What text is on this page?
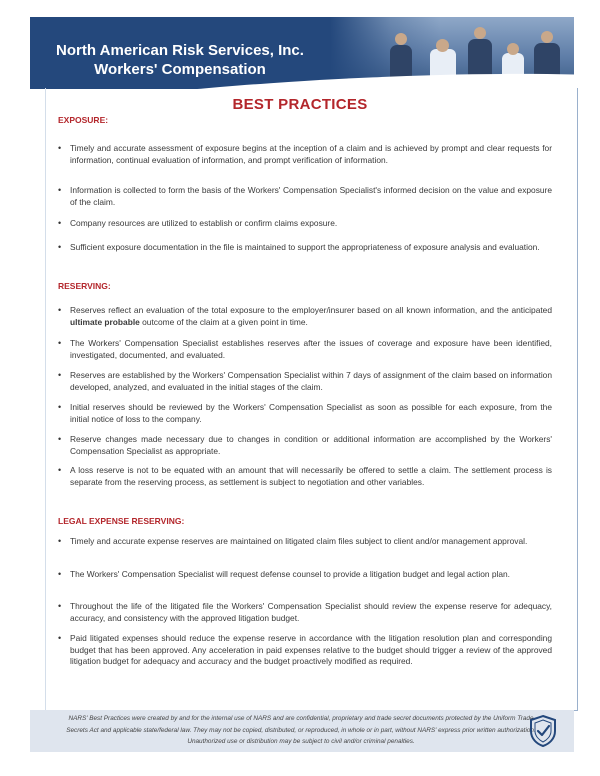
North American Risk Services, Inc.
Workers' Compensation
BEST PRACTICES
EXPOSURE:
•	Timely and accurate assessment of exposure begins at the inception of a claim and is achieved by prompt and clear requests for information, continual evaluation of information, and prompt verification of information.
•	Information is collected to form the basis of the Workers' Compensation Specialist's informed decision on the value and exposure of the claim.
•	Company resources are utilized to establish or confirm claims exposure.
•	Sufficient exposure documentation in the file is maintained to support the appropriateness of exposure analysis and evaluation.
RESERVING:
•	Reserves reflect an evaluation of the total exposure to the employer/insurer based on all known information, and the anticipated ultimate probable outcome of the claim at a given point in time.
•	The Workers' Compensation Specialist establishes reserves after the issues of coverage and exposure have been identified, investigated, documented, and evaluated.
•	Reserves are established by the Workers' Compensation Specialist within 7 days of assignment of the claim based on information developed, analyzed, and evaluated in the initial stages of the claim.
•	Initial reserves should be reviewed by the Workers' Compensation Specialist as soon as possible for each exposure, from the initial notice of loss to the company.
•	Reserve changes made necessary due to changes in condition or additional information are accomplished by the Workers' Compensation Specialist as appropriate.
•	A loss reserve is not to be equated with an amount that will necessarily be offered to settle a claim. The settlement process is separate from the reserving process, as settlement is subject to negotiation and other variables.
LEGAL EXPENSE RESERVING:
•	Timely and accurate expense reserves are maintained on litigated claim files subject to client and/or management approval.
•	The Workers' Compensation Specialist will request defense counsel to provide a litigation budget and legal action plan.
•	Throughout the life of the litigated file the Workers' Compensation Specialist should review the expense reserve for adequacy, accuracy, and consistency with the approved litigation budget.
•	Paid litigated expenses should reduce the expense reserve in accordance with the litigation resolution plan and corresponding budget that has been approved. Any acceleration in paid expenses relative to the budget should trigger a review of the approved litigation budget for adequacy and accuracy and the budget proactively modified as required.
NARS' Best Practices were created by and for the internal use of NARS and are confidential, proprietary and trade secret documents protected by the Uniform Trade Secrets Act and applicable state/federal law. They may not be copied, distributed, or reproduced, in whole or in part, without NARS' express prior written authorization. Unauthorized use or distribution may be subject to civil and/or criminal penalties.
